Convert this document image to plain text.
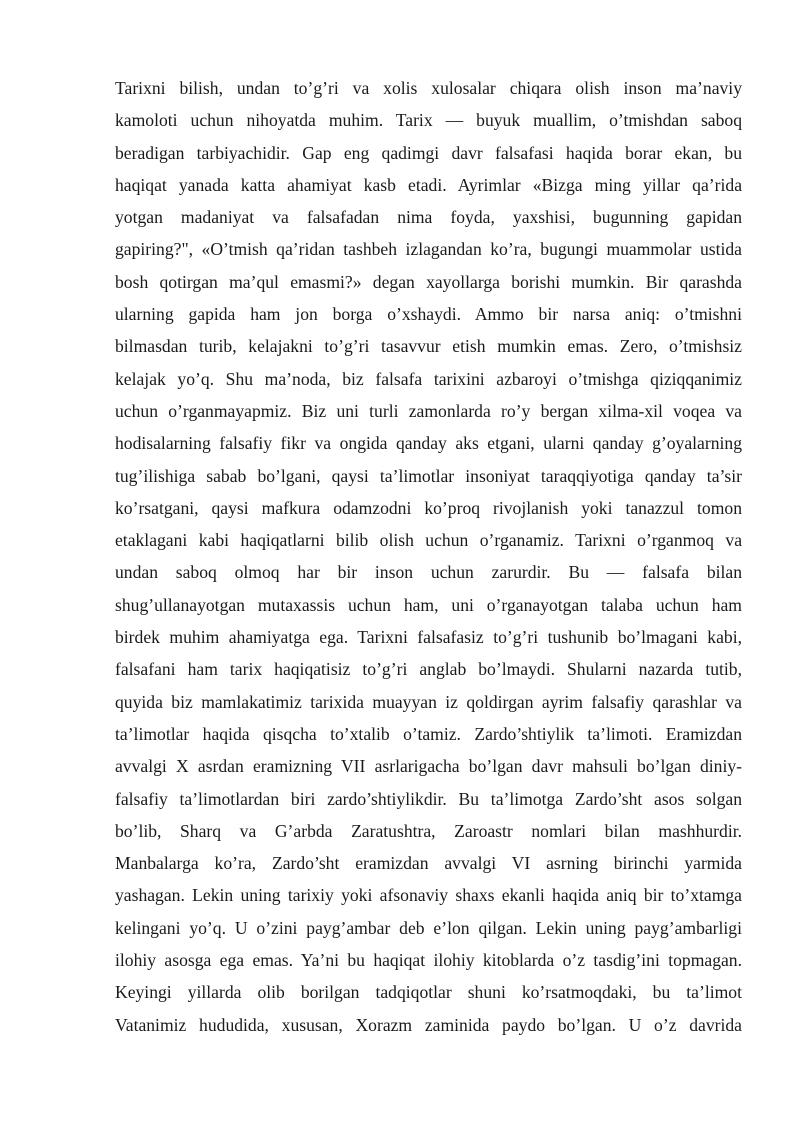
Tarixni bilish, undan to’g’ri va xolis xulosalar chiqara olish inson ma’naviy
kamoloti uchun nihoyatda muhim. Tarix — buyuk muallim, o’tmishdan saboq
beradigan tarbiyachidir. Gap eng qadimgi davr falsafasi haqida borar ekan, bu
haqiqat yanada katta ahamiyat kasb etadi. Ayrimlar «Bizga ming yillar qa’rida
yotgan madaniyat va falsafadan nima foyda, yaxshisi, bugunning gapidan
gapiring?", «O’tmish qa’ridan tashbeh izlagandan ko’ra, bugungi muammolar ustida
bosh qotirgan ma’qul emasmi?» degan xayollarga borishi mumkin. Bir qarashda
ularning gapida ham jon borga o’xshaydi. Ammo bir narsa aniq: o’tmishni
bilmasdan turib, kelajakni to’g’ri tasavvur etish mumkin emas. Zero, o’tmishsiz
kelajak yo’q. Shu ma’noda, biz falsafa tarixini azbaroyi o’tmishga qiziqqanimiz
uchun o’rganmayapmiz. Biz uni turli zamonlarda ro’y bergan xilma-xil voqea va
hodisalarning falsafiy fikr va ongida qanday aks etgani, ularni qanday g’oyalarning
tug’ilishiga sabab bo’lgani, qaysi ta’limotlar insoniyat taraqqiyotiga qanday ta’sir
ko’rsatgani, qaysi mafkura odamzodni ko’proq rivojlanish yoki tanazzul tomon
etaklagani kabi haqiqatlarni bilib olish uchun o’rganamiz. Tarixni o’rganmoq va
undan saboq olmoq har bir inson uchun zarurdir. Bu — falsafa bilan
shug’ullanayotgan mutaxassis uchun ham, uni o’rganayotgan talaba uchun ham
birdek muhim ahamiyatga ega. Tarixni falsafasiz to’g’ri tushunib bo’lmagani kabi,
falsafani ham tarix haqiqatisiz to’g’ri anglab bo’lmaydi. Shularni nazarda tutib,
quyida biz mamlakatimiz tarixida muayyan iz qoldirgan ayrim falsafiy qarashlar va
ta’limotlar haqida qisqcha to’xtalib o’tamiz. Zardo’shtiylik ta’limoti. Eramizdan
avvalgi X asrdan eramizning VII asrlarigacha bo’lgan davr mahsuli bo’lgan diniy-
falsafiy ta’limotlardan biri zardo’shtiylikdir. Bu ta’limotga Zardo’sht asos solgan
bo’lib, Sharq va G’arbda Zaratushtra, Zaroastr nomlari bilan mashhurdir.
Manbalarga ko’ra, Zardo’sht eramizdan avvalgi VI asrning birinchi yarmida
yashagan. Lekin uning tarixiy yoki afsonaviy shaxs ekanli haqida aniq bir to’xtamga
kelingani yo’q. U o’zini payg’ambar deb e’lon qilgan. Lekin uning payg’ambarligi
ilohiy asosga ega emas. Ya’ni bu haqiqat ilohiy kitoblarda o’z tasdig’ini topmagan.
Keyingi yillarda olib borilgan tadqiqotlar shuni ko’rsatmoqdaki, bu ta’limot
Vatanimiz hududida, xususan, Xorazm zaminida paydo bo’lgan. U o’z davrida
